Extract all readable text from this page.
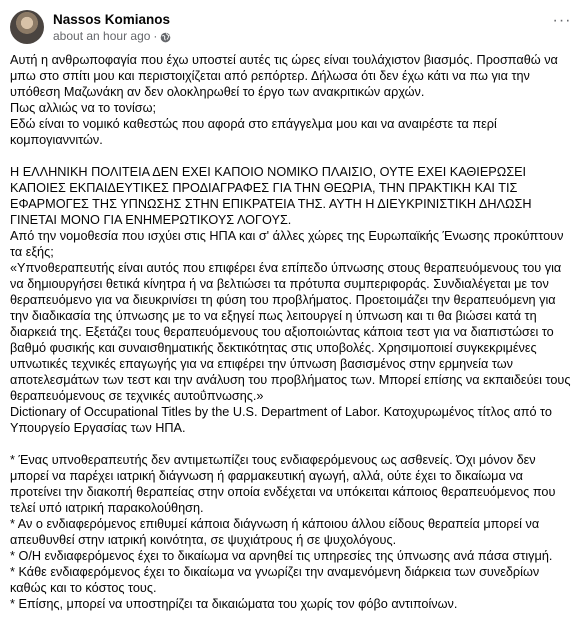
Nassos Komianos
about an hour ago ·
···

Αυτή η ανθρωποφαγία που έχω υποστεί αυτές τις ώρες είναι τουλάχιστον βιασμός. Προσπαθώ να μπω στο σπίτι μου και περιστοιχίζεται από ρεπόρτερ. Δήλωσα ότι δεν έχω κάτι να πω για την υπόθεση Μαζωνάκη αν δεν ολοκληρωθεί το έργο των ανακριτικών αρχών.

Πως αλλιώς να το τονίσω;

Εδώ είναι το νομικό καθεστώς που αφορά στο επάγγελμα μου και να αναιρέστε τα περί κομπογιαννιτών.

Η ΕΛΛΗΝΙΚΗ ΠΟΛΙΤΕΙΑ ΔΕΝ ΕΧΕΙ ΚΑΠΟΙΟ ΝΟΜΙΚΟ ΠΛΑΙΣΙΟ, ΟΥΤΕ ΕΧΕΙ ΚΑΘΙΕΡΩΣΕΙ ΚΑΠΟΙΕΣ ΕΚΠΑΙΔΕΥΤΙΚΕΣ ΠΡΟΔΙΑΓΡΑΦΕΣ ΓΙΑ ΤΗΝ ΘΕΩΡΙΑ, ΤΗΝ ΠΡΑΚΤΙΚΗ ΚΑΙ ΤΙΣ ΕΦΑΡΜΟΓΕΣ ΤΗΣ ΥΠΝΩΣΗΣ ΣΤΗΝ ΕΠΙΚΡΑΤΕΙΑ ΤΗΣ. ΑΥΤΗ Η ΔΙΕΥΚΡΙΝΙΣΤΙΚΗ ΔΗΛΩΣΗ ΓΙΝΕΤΑΙ ΜΟΝΟ ΓΙΑ ΕΝΗΜΕΡΩΤΙΚΟΥΣ ΛΟΓΟΥΣ.

Από την νομοθεσία που ισχύει στις ΗΠΑ και σ' άλλες χώρες της Ευρωπαϊκής Ένωσης προκύπτουν τα εξής;

«Υπνοθεραπευτής είναι αυτός που επιφέρει ένα επίπεδο ύπνωσης στους θεραπευόμενους του για να δημιουργήσει θετικά κίνητρα ή να βελτιώσει τα πρότυπα συμπεριφοράς. Συνδιαλέγεται με τον θεραπευόμενο για να διευκρινίσει τη φύση του προβλήματος. Προετοιμάζει την θεραπευόμενη για την διαδικασία της ύπνωσης με το να εξηγεί πως λειτουργεί η ύπνωση και τι θα βιώσει κατά τη διαρκειά της. Εξετάζει τους θεραπευόμενους του αξιοποιώντας κάποια τεστ για να διαπιστώσει το βαθμό φυσικής και συναισθηματικής δεκτικότητας στις υποβολές. Χρησιμοποιεί συγκεκριμένες υπνωτικές τεχνικές επαγωγής για να επιφέρει την ύπνωση βασισμένος στην ερμηνεία των αποτελεσμάτων των τεστ και την ανάλυση του προβλήματος των. Μπορεί επίσης να εκπαιδεύει τους θεραπευόμενους σε τεχνικές αυτοΰπνωσης.»

Dictionary of Occupational Titles by the U.S. Department of Labor. Κατοχυρωμένος τίτλος από το Υπουργείο Εργασίας των ΗΠΑ.

* Ένας υπνοθεραπευτής δεν αντιμετωπίζει τους ενδιαφερόμενους ως ασθενείς. Όχι μόνον δεν μπορεί να παρέχει ιατρική διάγνωση ή φαρμακευτική αγωγή, αλλά, ούτε έχει το δικαίωμα να προτείνει την διακοπή θεραπείας στην οποία ενδέχεται να υπόκειται κάποιος θεραπευόμενος που τελεί υπό ιατρική παρακολούθηση.

* Αν ο ενδιαφερόμενος επιθυμεί κάποια διάγνωση ή κάποιου άλλου είδους θεραπεία μπορεί να απευθυνθεί στην ιατρική κοινότητα, σε ψυχιάτρους ή σε ψυχολόγους.

* Ο/Η ενδιαφερόμενος έχει το δικαίωμα να αρνηθεί τις υπηρεσίες της ύπνωσης ανά πάσα στιγμή.

* Κάθε ενδιαφερόμενος έχει το δικαίωμα να γνωρίζει την αναμενόμενη διάρκεια των συνεδρίων καθώς και το κόστος τους.

* Επίσης, μπορεί να υποστηρίζει τα δικαιώματα του χωρίς τον φόβο αντιποίνων.
